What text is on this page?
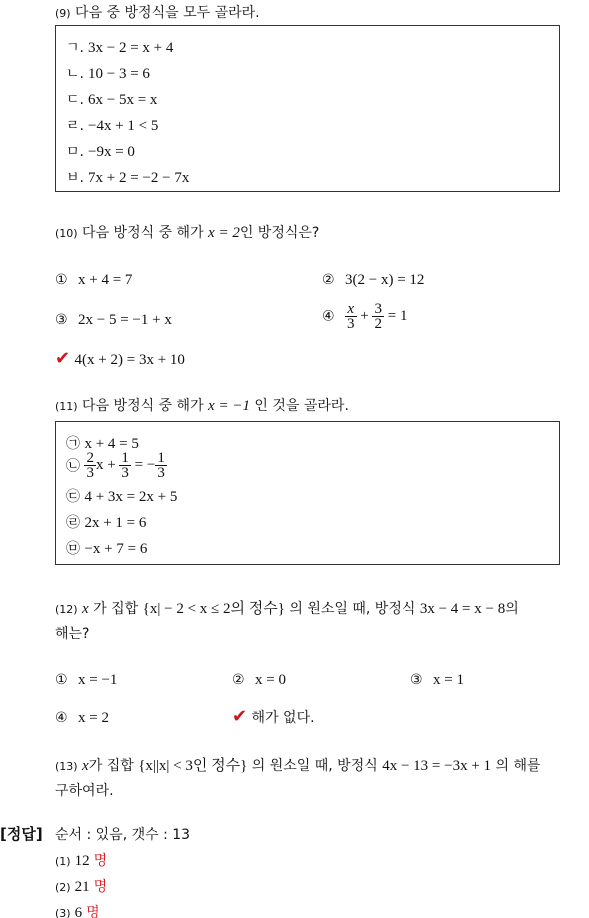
(9) 다음 중 방정식을 모두 골라라.
ㄱ. 3x − 2 = x + 4
ㄴ. 10 − 3 = 6
ㄷ. 6x − 5x = x
ㄹ. −4x + 1 < 5
ㅁ. −9x = 0
ㅂ. 7x + 2 = −2 − 7x
(10) 다음 방정식 중 해가 x = 2인 방정식은?
① x + 4 = 7	② 3(2 − x) = 12
③ 2x − 5 = −1 + x	④ $\frac{x}{3} + \frac{3}{2} = 1$
✔ 4(x + 2) = 3x + 10
(11) 다음 방정식 중 해가 x = −1 인 것을 골라라.
㉠ x + 4 = 5
㉡ $\frac{2}{3}$ $x + \frac{1}{3}$ = − $\frac{1}{3}$
㉢ 4 + 3x = 2x + 5
㉣ 2x + 1 = 6
㉤ −x + 7 = 6
(12) x 가 집합 {x| − 2 < x ≤ 2의 정수} 의 원소일 때, 방정식 3x − 4 = x − 8의
해는?
① x = −1	② x = 0	③ x = 1
④ x = 2	✔ 해가 없다.
(13) x가 집합 {x||x| < 3인 정수} 의 원소일 때, 방정식 4x − 13 = −3x + 1 의 해를
구하여라.
[정답] 순서 : 있음, 갯수 : 13
(1) 12 명
(2) 21 명
(3) 6 명
